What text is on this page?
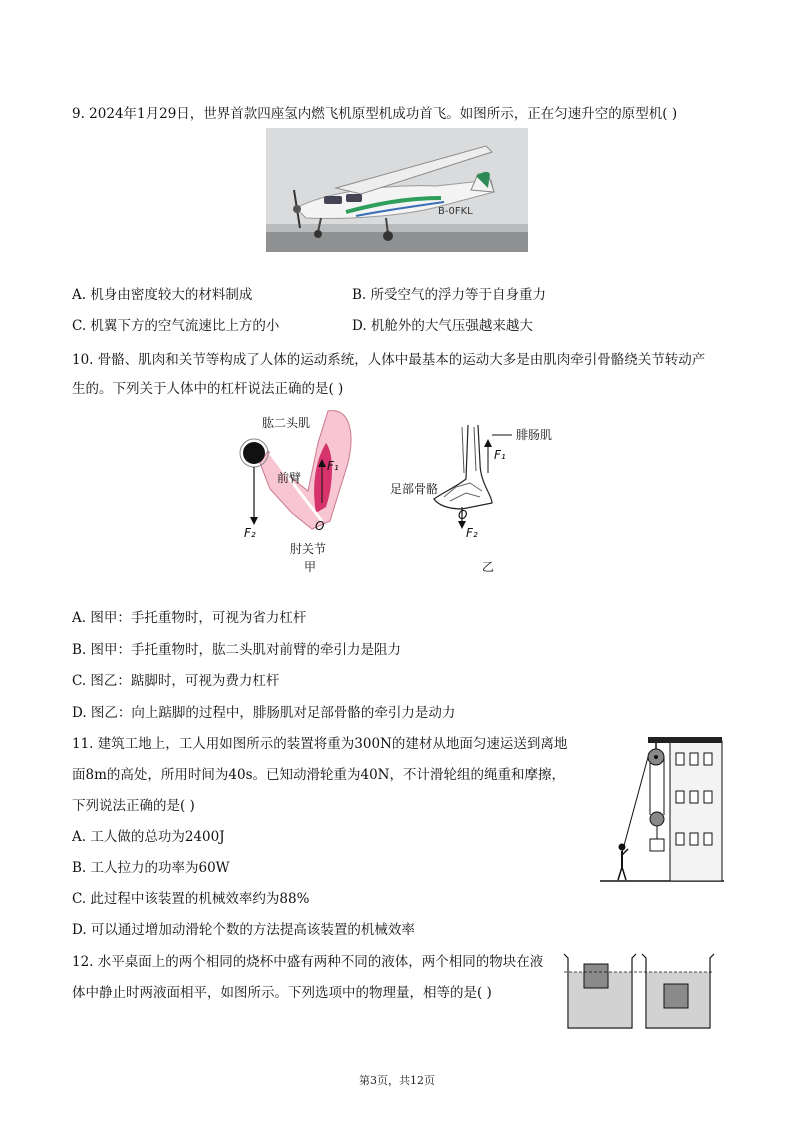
9. 2024年1月29日，世界首款四座氢内燃飞机原型机成功首飞。如图所示，正在匀速升空的原型机( )
B-0FKL
A. 机身由密度较大的材料制成	B. 所受空气的浮力等于自身重力
C. 机翼下方的空气流速比上方的小	D. 机舱外的大气压强越来越大
10. 骨骼、肌肉和关节等构成了人体的运动系统，人体中最基本的运动大多是由肌肉牵引骨骼绕关节转动产
生的。下列关于人体中的杠杆说法正确的是( )
肱二头肌
前臂
F₁
F₂	O
肘关节
甲
腓肠肌
F₁
足部骨骼
O
F₂
乙
A. 图甲：手托重物时，可视为省力杠杆
B. 图甲：手托重物时，肱二头肌对前臂的牵引力是阻力
C. 图乙：踮脚时，可视为费力杠杆
D. 图乙：向上踮脚的过程中，腓肠肌对足部骨骼的牵引力是动力
11. 建筑工地上，工人用如图所示的装置将重为300N的建材从地面匀速运送到离地
面8m的高处，所用时间为40s。已知动滑轮重为40N，不计滑轮组的绳重和摩擦，
下列说法正确的是( )
A. 工人做的总功为2400J
B. 工人拉力的功率为60W
C. 此过程中该装置的机械效率约为88%
D. 可以通过增加动滑轮个数的方法提高该装置的机械效率
12. 水平桌面上的两个相同的烧杯中盛有两种不同的液体，两个相同的物块在液
体中静止时两液面相平，如图所示。下列选项中的物理量，相等的是( )
第3页，共12页
